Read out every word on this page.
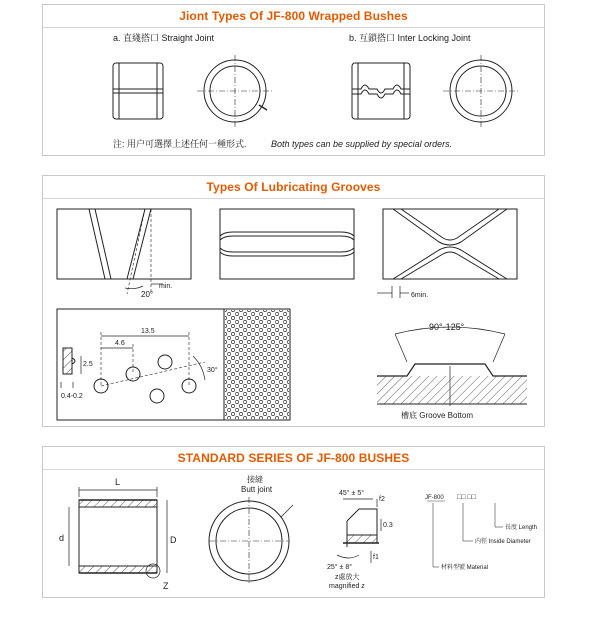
Jiont Types Of JF-800 Wrapped Bushes
a. 直綫搭口 Straight Joint	b. 互鎖搭口 Inter Locking Joint
注: 用户可選擇上述任何一種形式.	Both types can be supplied by special orders.
Types Of Lubricating Grooves
20°
min.
6min.
13.5
4.6
2.5
30°
0.4-0.2
90°-125°
槽底 Groove Bottom
STANDARD SERIES OF JF-800 BUSHES
L
d	D
Z
接縫
Butt joint	45° ± 5°
f2
0.3
f1
25° ± 8°
z處放大
magnified z
JF-800 □□ □□
長度 Length
内徑 Inside Diameter
材料型號 Material
